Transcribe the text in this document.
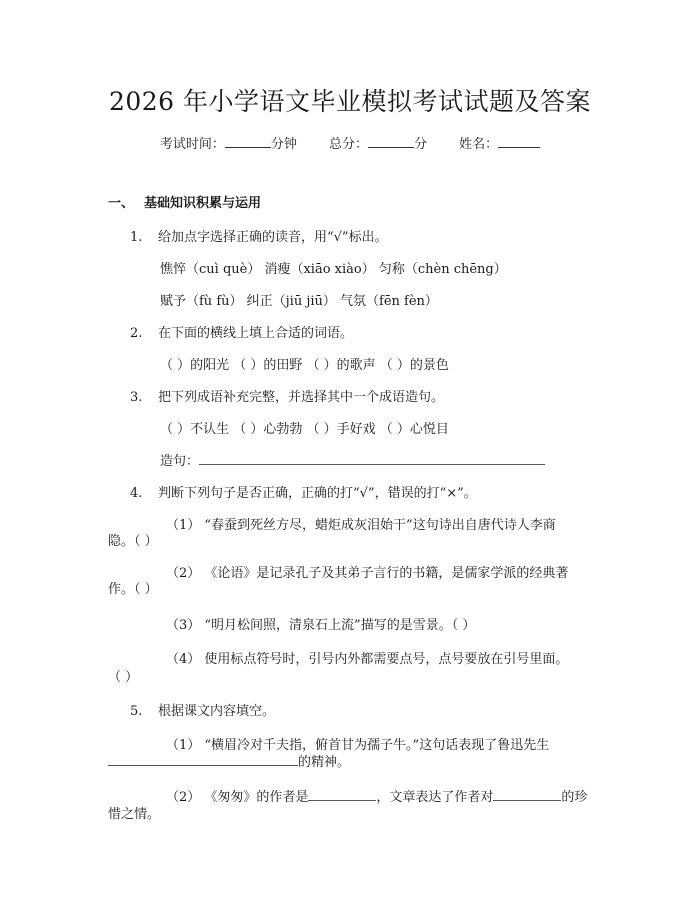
2026 年小学语文毕业模拟考试试题及答案
考试时间：	分钟 总分：	分 姓名：
一、 基础知识积累与运用
1. 给加点字选择正确的读音，用“√”标出。
憔悴（cuì què） 消瘦（xiāo xiào） 匀称（chèn chēng）
赋予（fù fù） 纠正（jiū jiū） 气氛（fēn fèn）
2. 在下面的横线上填上合适的词语。
（ ）的阳光 （ ）的田野 （ ）的歌声 （ ）的景色
3. 把下列成语补充完整，并选择其中一个成语造句。
（ ）不认生 （ ）心勃勃 （ ）手好戏 （ ）心悦目
造句：
4. 判断下列句子是否正确，正确的打“√”，错误的打“×”。
（1） “春蚕到死丝方尽，蜡炬成灰泪始干”这句诗出自唐代诗人李商
隐。（ ）
（2） 《论语》是记录孔子及其弟子言行的书籍，是儒家学派的经典著
作。（ ）
（3） “明月松间照，清泉石上流”描写的是雪景。（ ）
（4） 使用标点符号时，引号内外都需要点号，点号要放在引号里面。
（ ）
5. 根据课文内容填空。
（1） “横眉冷对千夫指，俯首甘为孺子牛。”这句话表现了鲁迅先生
的精神。
（2） 《匆匆》的作者是	，文章表达了作者对	的珍
惜之情。
